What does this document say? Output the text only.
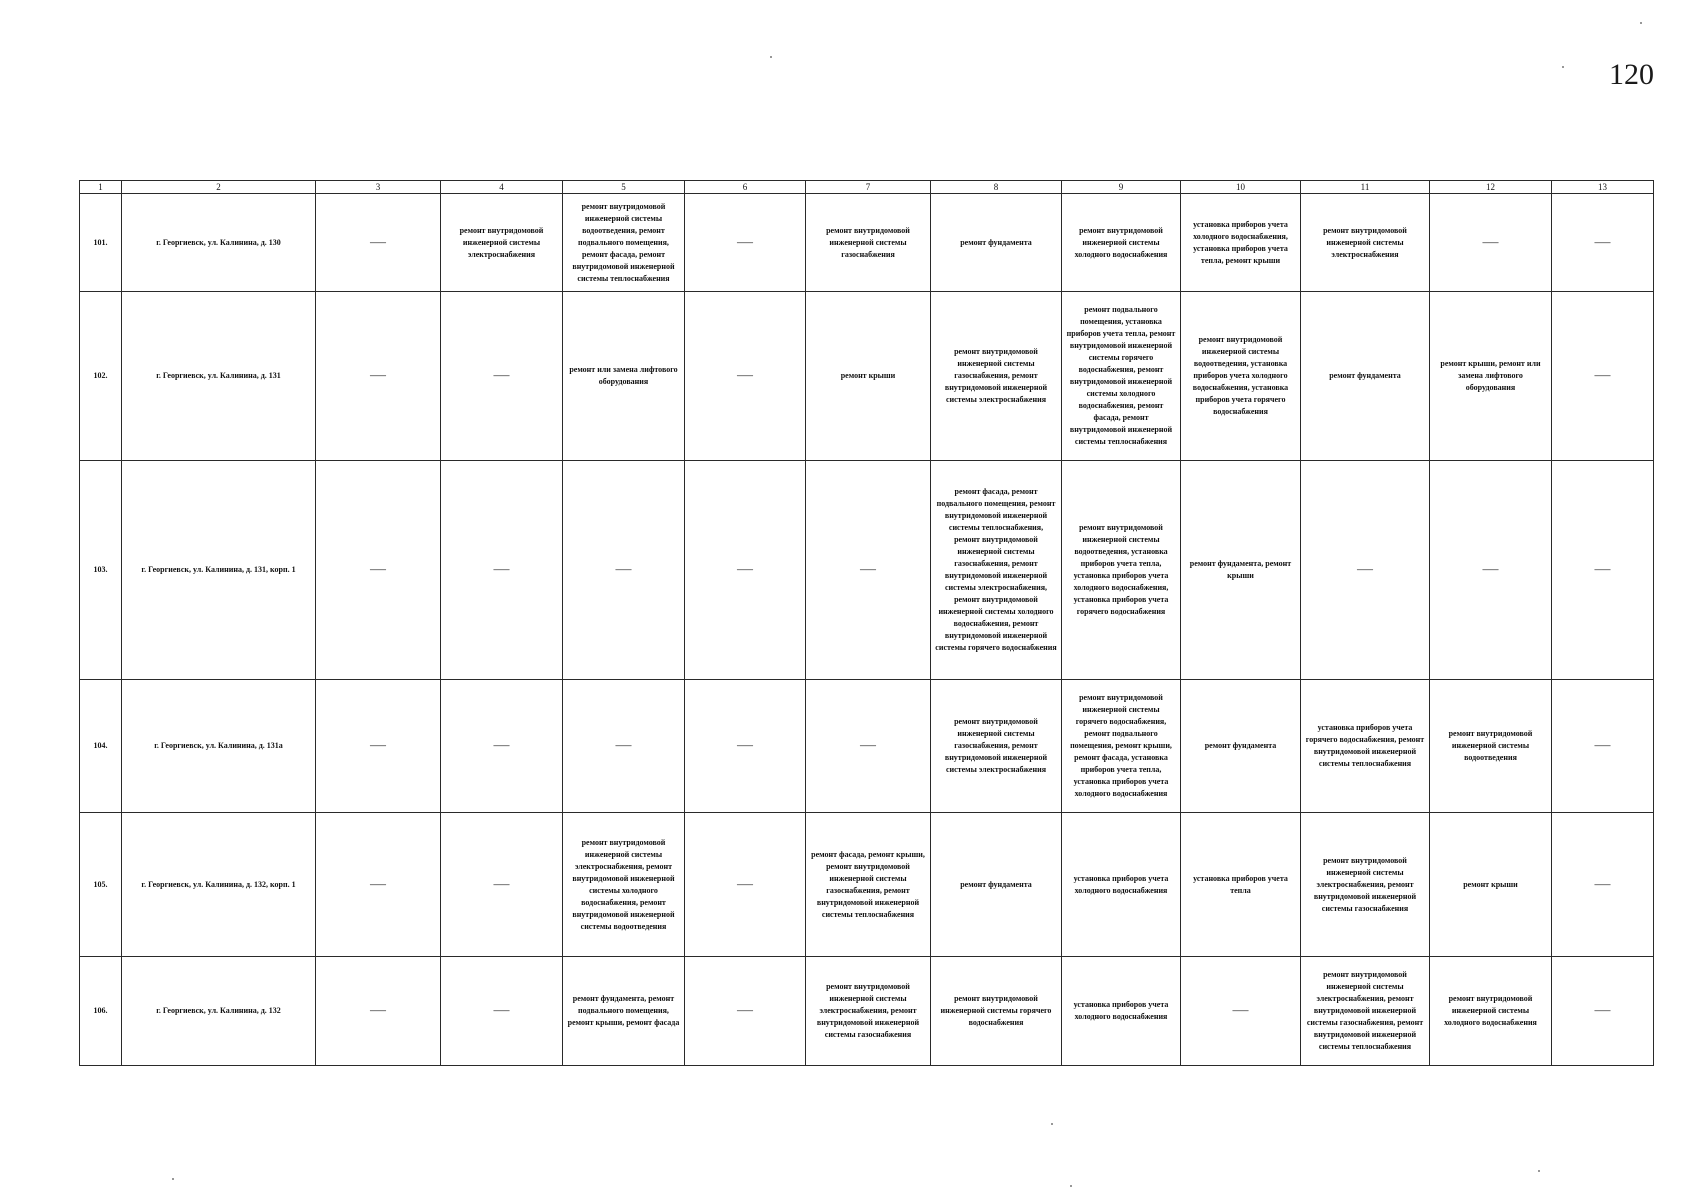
120
1	2	3	4	5	6	7	8	9	10	11	12	13
101.	г. Георгиевск, ул. Калинина, д. 130	——	ремонт внутридомовой инженерной системы электроснабжения	ремонт внутридомовой инженерной системы водоотведения, ремонт подвального помещения, ремонт фасада, ремонт внутридомовой инженерной системы теплоснабжения	——	ремонт внутридомовой инженерной системы газоснабжения	ремонт фундамента	ремонт внутридомовой инженерной системы холодного водоснабжения	установка приборов учета холодного водоснабжения, установка приборов учета тепла, ремонт крыши	ремонт внутридомовой инженерной системы электроснабжения	——	——
102.	г. Георгиевск, ул. Калинина, д. 131	——	——	ремонт или замена лифтового оборудования	——	ремонт крыши	ремонт внутридомовой инженерной системы газоснабжения, ремонт внутридомовой инженерной системы электроснабжения	ремонт подвального помещения, установка приборов учета тепла, ремонт внутридомовой инженерной системы горячего водоснабжения, ремонт внутридомовой инженерной системы холодного водоснабжения, ремонт фасада, ремонт внутридомовой инженерной системы теплоснабжения	ремонт внутридомовой инженерной системы водоотведения, установка приборов учета холодного водоснабжения, установка приборов учета горячего водоснабжения	ремонт фундамента	ремонт крыши, ремонт или замена лифтового оборудования	——
103.	г. Георгиевск, ул. Калинина, д. 131, корп. 1	——	——	——	——	——	ремонт фасада, ремонт подвального помещения, ремонт внутридомовой инженерной системы теплоснабжения, ремонт внутридомовой инженерной системы газоснабжения, ремонт внутридомовой инженерной системы электроснабжения, ремонт внутридомовой инженерной системы холодного водоснабжения, ремонт внутридомовой инженерной системы горячего водоснабжения	ремонт внутридомовой инженерной системы водоотведения, установка приборов учета тепла, установка приборов учета холодного водоснабжения, установка приборов учета горячего водоснабжения	ремонт фундамента, ремонт крыши	——	——	——
104.	г. Георгиевск, ул. Калинина, д. 131а	——	——	——	——	——	ремонт внутридомовой инженерной системы газоснабжения, ремонт внутридомовой инженерной системы электроснабжения	ремонт внутридомовой инженерной системы горячего водоснабжения, ремонт подвального помещения, ремонт крыши, ремонт фасада, установка приборов учета тепла, установка приборов учета холодного водоснабжения	ремонт фундамента	установка приборов учета горячего водоснабжения, ремонт внутридомовой инженерной системы теплоснабжения	ремонт внутридомовой инженерной системы водоотведения	——
105.	г. Георгиевск, ул. Калинина, д. 132, корп. 1	——	——	ремонт внутридомовой инженерной системы электроснабжения, ремонт внутридомовой инженерной системы холодного водоснабжения, ремонт внутридомовой инженерной системы водоотведения	——	ремонт фасада, ремонт крыши, ремонт внутридомовой инженерной системы газоснабжения, ремонт внутридомовой инженерной системы теплоснабжения	ремонт фундамента	установка приборов учета холодного водоснабжения	установка приборов учета тепла	ремонт внутридомовой инженерной системы электроснабжения, ремонт внутридомовой инженерной системы газоснабжения	ремонт крыши	——
106.	г. Георгиевск, ул. Калинина, д. 132	——	——	ремонт фундамента, ремонт подвального помещения, ремонт крыши, ремонт фасада	——	ремонт внутридомовой инженерной системы электроснабжения, ремонт внутридомовой инженерной системы газоснабжения	ремонт внутридомовой инженерной системы горячего водоснабжения	установка приборов учета холодного водоснабжения	——	ремонт внутридомовой инженерной системы электроснабжения, ремонт внутридомовой инженерной системы газоснабжения, ремонт внутридомовой инженерной системы теплоснабжения	ремонт внутридомовой инженерной системы холодного водоснабжения	——
